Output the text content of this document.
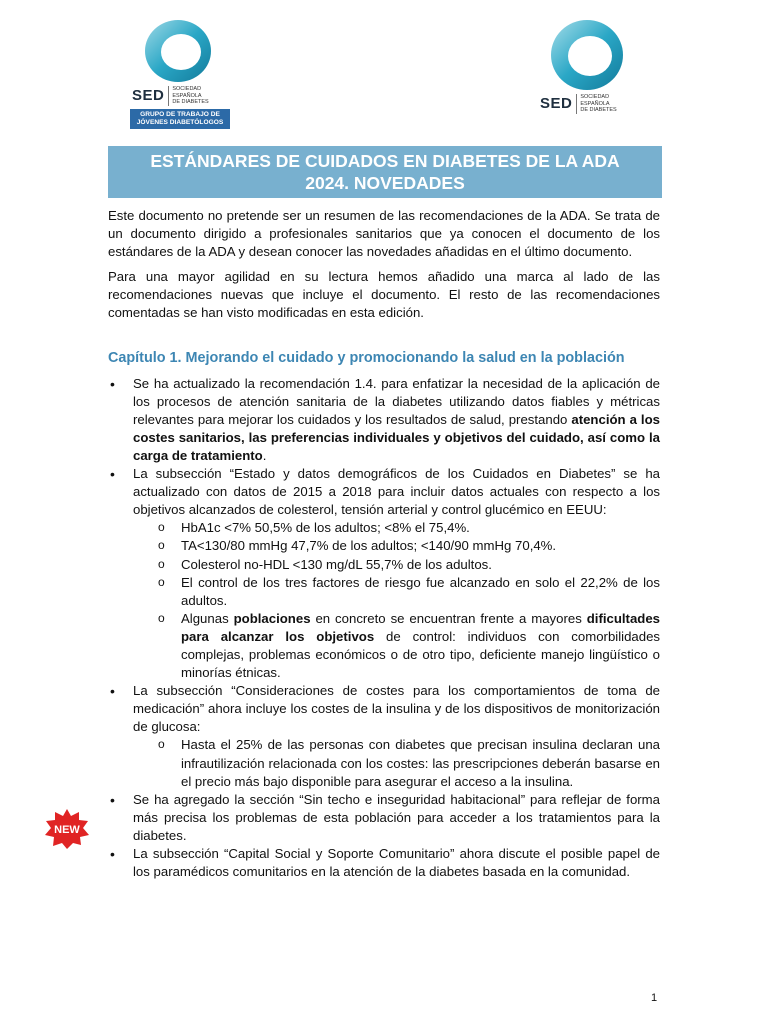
SED	SOCIEDAD ESPAÑOLA
DE DIABETES
GRUPO DE TRABAJO DE
JÓVENES DIABETÓLOGOS
SED	SOCIEDAD ESPAÑOLA
DE DIABETES
ESTÁNDARES DE CUIDADOS EN DIABETES DE LA ADA
2024. NOVEDADES

Este documento no pretende ser un resumen de las recomendaciones de la ADA. Se trata de un documento dirigido a profesionales sanitarios que ya conocen el documento de los estándares de la ADA y desean conocer las novedades añadidas en el último documento.

Para una mayor agilidad en su lectura hemos añadido una marca al lado de las recomendaciones nuevas que incluye el documento. El resto de las recomendaciones comentadas se han visto modificadas en esta edición.

Capítulo 1. Mejorando el cuidado y promocionando la salud en la población
• Se ha actualizado la recomendación 1.4. para enfatizar la necesidad de la aplicación de los procesos de atención sanitaria de la diabetes utilizando datos fiables y métricas relevantes para mejorar los cuidados y los resultados de salud, prestando atención a los costes sanitarios, las preferencias individuales y objetivos del cuidado, así como la carga de tratamiento.
• La subsección “Estado y datos demográficos de los Cuidados en Diabetes” se ha actualizado con datos de 2015 a 2018 para incluir datos actuales con respecto a los objetivos alcanzados de colesterol, tensión arterial y control glucémico en EEUU:
o HbA1c <7% 50,5% de los adultos; <8% el 75,4%.
o TA<130/80 mmHg 47,7% de los adultos; <140/90 mmHg 70,4%.
o Colesterol no-HDL <130 mg/dL 55,7% de los adultos.
o El control de los tres factores de riesgo fue alcanzado en solo el 22,2% de los adultos.
o Algunas poblaciones en concreto se encuentran frente a mayores dificultades para alcanzar los objetivos de control: individuos con comorbilidades complejas, problemas económicos o de otro tipo, deficiente manejo lingüístico o minorías étnicas.
• La subsección “Consideraciones de costes para los comportamientos de toma de medicación” ahora incluye los costes de la insulina y de los dispositivos de monitorización de glucosa:
o Hasta el 25% de las personas con diabetes que precisan insulina declaran una infrautilización relacionada con los costes: las prescripciones deberán basarse en el precio más bajo disponible para asegurar el acceso a la insulina.
• Se ha agregado la sección “Sin techo e inseguridad habitacional” para reflejar de forma más precisa los problemas de esta población para acceder a los tratamientos para la diabetes.
• La subsección “Capital Social y Soporte Comunitario” ahora discute el posible papel de los paramédicos comunitarios en la atención de la diabetes basada en la comunidad.
NEW
1
